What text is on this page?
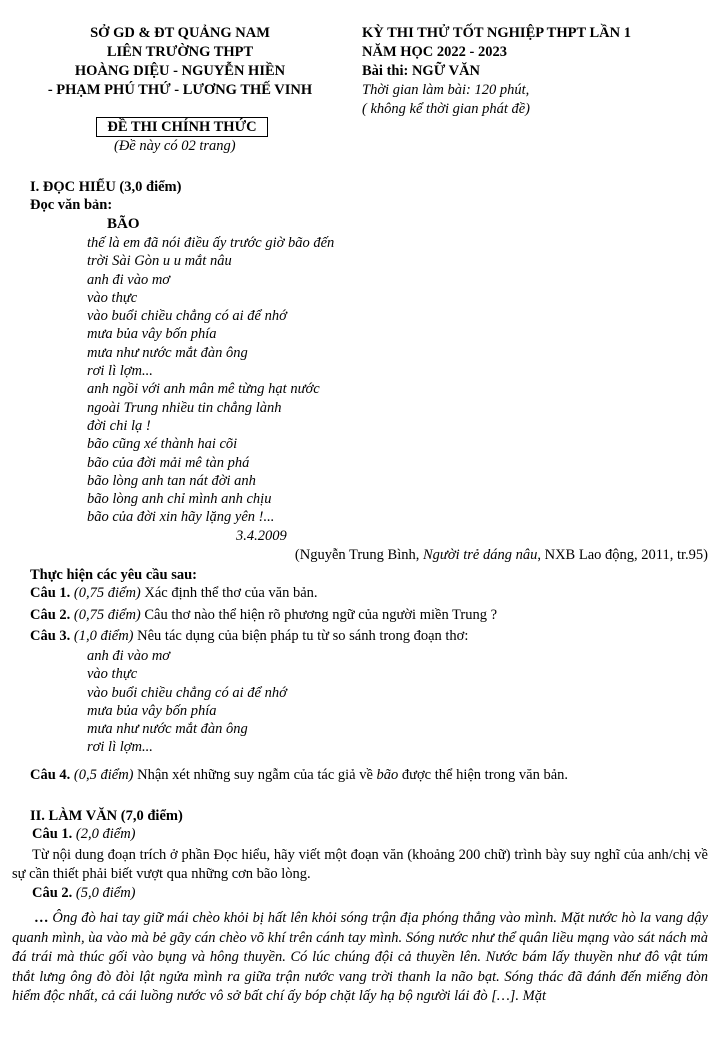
SỞ GD & ĐT QUẢNG NAM
LIÊN TRƯỜNG THPT
HOÀNG DIỆU - NGUYỄN HIỀN
- PHẠM PHÚ THỨ - LƯƠNG THẾ VINH
KỲ THI THỬ TỐT NGHIỆP THPT LẦN 1
NĂM HỌC 2022 - 2023
Bài thi: NGỮ VĂN
Thời gian làm bài: 120 phút,
( không kể thời gian phát đề)
ĐỀ THI CHÍNH THỨC
(Đề này có 02 trang)
I. ĐỌC HIỂU (3,0 điểm)
Đọc văn bản:
BÃO
thế là em đã nói điều ấy trước giờ bão đến
trời Sài Gòn u u mắt nâu
anh đi vào mơ
vào thực
vào buổi chiều chẳng có ai để nhớ
mưa bủa vây bốn phía
mưa như nước mắt đàn ông
rơi lì lợm...
anh ngồi với anh mân mê từng hạt nước
ngoài Trung nhiều tin chẳng lành
đời chi lạ !
bão cũng xé thành hai cõi
bão của đời mải mê tàn phá
bão lòng anh tan nát đời anh
bão lòng anh chỉ mình anh chịu
bão của đời xin hãy lặng yên !...
3.4.2009
(Nguyễn Trung Bình, Người trẻ dáng nâu, NXB Lao động, 2011, tr.95)
Thực hiện các yêu cầu sau:
Câu 1. (0,75 điểm) Xác định thể thơ của văn bản.
Câu 2. (0,75 điểm) Câu thơ nào thể hiện rõ phương ngữ của người miền Trung ?
Câu 3. (1,0 điểm) Nêu tác dụng của biện pháp tu từ so sánh trong đoạn thơ:
anh đi vào mơ
vào thực
vào buổi chiều chẳng có ai để nhớ
mưa bủa vây bốn phía
mưa như nước mắt đàn ông
rơi lì lợm...
Câu 4. (0,5 điểm) Nhận xét những suy ngẫm của tác giả về bão được thể hiện trong văn bản.
II. LÀM VĂN (7,0 điểm)
Câu 1. (2,0 điểm)
Từ nội dung đoạn trích ở phần Đọc hiểu, hãy viết một đoạn văn (khoảng 200 chữ) trình bày suy nghĩ của anh/chị về sự cần thiết phải biết vượt qua những cơn bão lòng.
Câu 2. (5,0 điểm)
… Ông đò hai tay giữ mái chèo khỏi bị hất lên khỏi sóng trận địa phóng thẳng vào mình. Mặt nước hò la vang dậy quanh mình, ùa vào mà bẻ gãy cán chèo võ khí trên cánh tay mình. Sóng nước như thể quân liều mạng vào sát nách mà đá trái mà thúc gối vào bụng và hông thuyền. Có lúc chúng đội cả thuyền lên. Nước bám lấy thuyền như đô vật túm thắt lưng ông đò đòi lật ngửa mình ra giữa trận nước vang trời thanh la não bạt. Sóng thác đã đánh đến miếng đòn hiểm độc nhất, cả cái luồng nước vô sở bất chí ấy bóp chặt lấy hạ bộ người lái đò […]. Mặt
